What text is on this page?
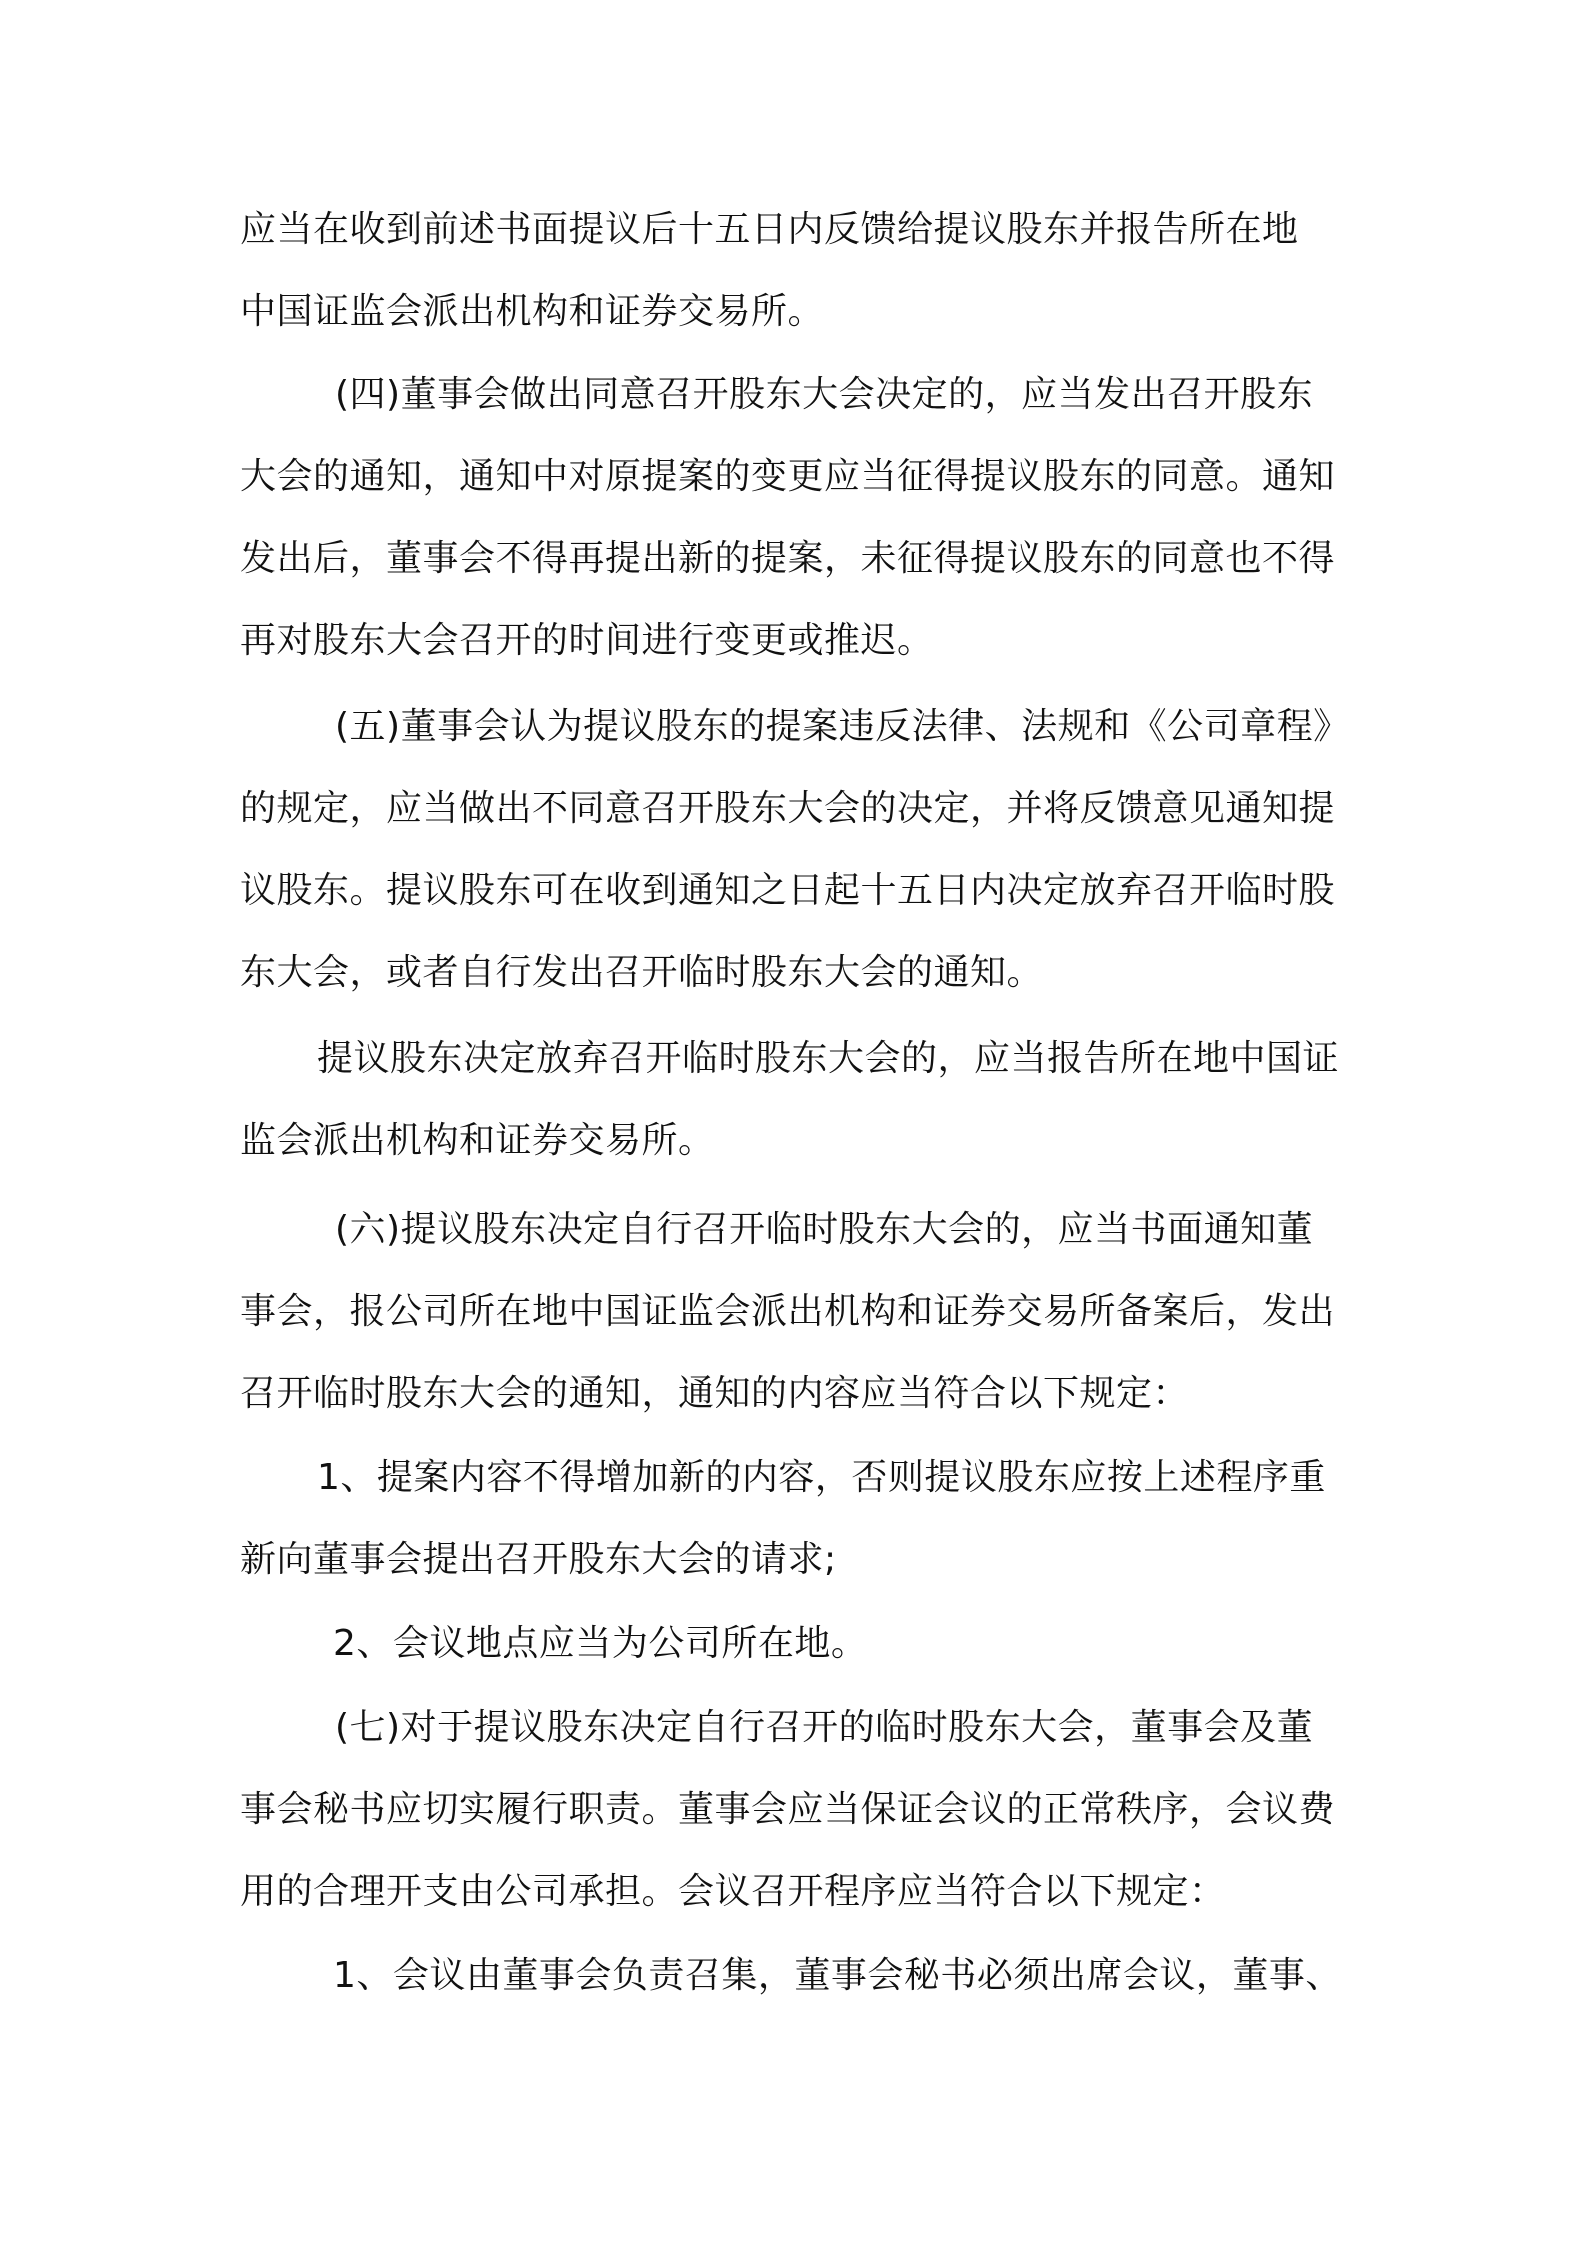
应当在收到前述书面提议后十五日内反馈给提议股东并报告所在地
中国证监会派出机构和证券交易所。
(四)董事会做出同意召开股东大会决定的，应当发出召开股东
大会的通知，通知中对原提案的变更应当征得提议股东的同意。通知
发出后，董事会不得再提出新的提案，未征得提议股东的同意也不得
再对股东大会召开的时间进行变更或推迟。
(五)董事会认为提议股东的提案违反法律、法规和《公司章程》
的规定，应当做出不同意召开股东大会的决定，并将反馈意见通知提
议股东。提议股东可在收到通知之日起十五日内决定放弃召开临时股
东大会，或者自行发出召开临时股东大会的通知。
提议股东决定放弃召开临时股东大会的，应当报告所在地中国证
监会派出机构和证券交易所。
(六)提议股东决定自行召开临时股东大会的，应当书面通知董
事会，报公司所在地中国证监会派出机构和证券交易所备案后，发出
召开临时股东大会的通知，通知的内容应当符合以下规定：
1、提案内容不得增加新的内容，否则提议股东应按上述程序重
新向董事会提出召开股东大会的请求;
2、会议地点应当为公司所在地。
(七)对于提议股东决定自行召开的临时股东大会，董事会及董
事会秘书应切实履行职责。董事会应当保证会议的正常秩序，会议费
用的合理开支由公司承担。会议召开程序应当符合以下规定：
1、会议由董事会负责召集，董事会秘书必须出席会议，董事、
